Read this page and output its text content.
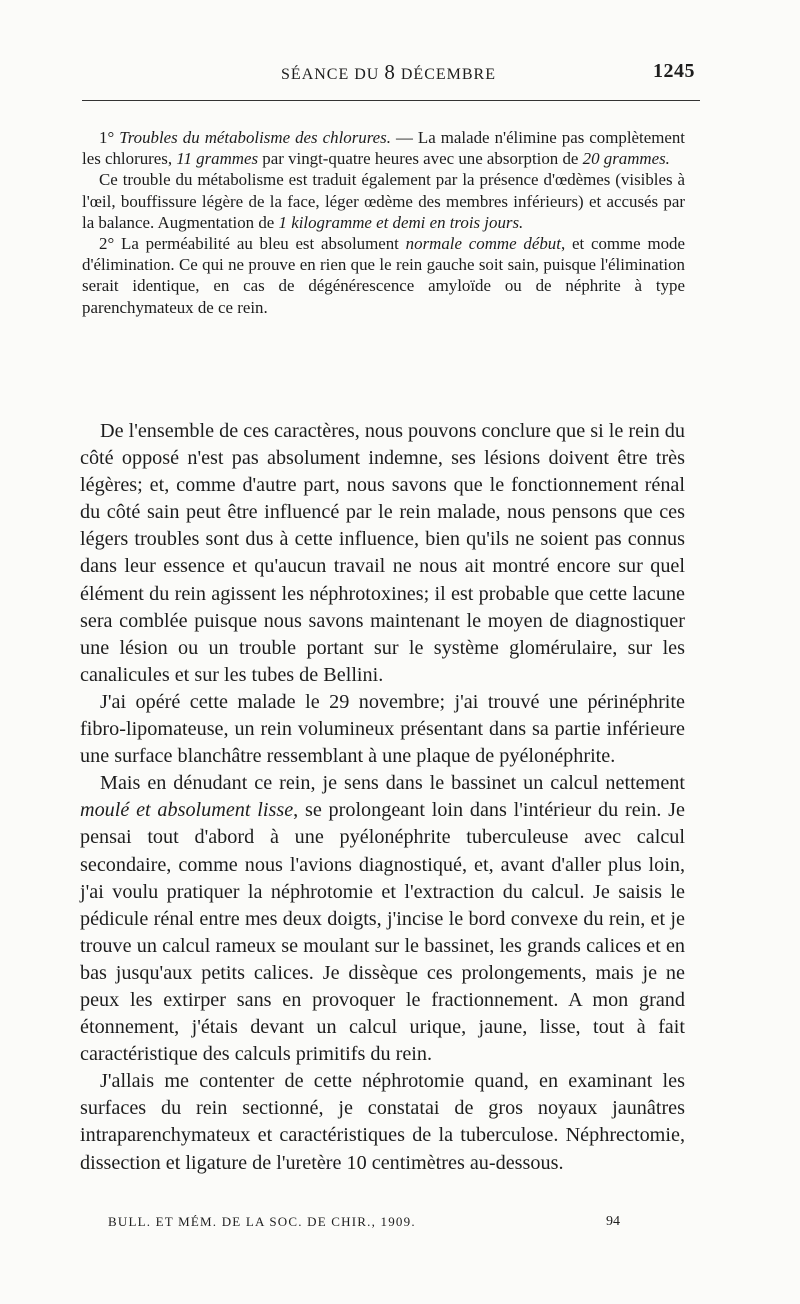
SÉANCE DU 8 DÉCEMBRE	1245

1° Troubles du métabolisme des chlorures. — La malade n'élimine pas complètement les chlorures, 11 grammes par vingt-quatre heures avec une absorption de 20 grammes.

Ce trouble du métabolisme est traduit également par la présence d'œdèmes (visibles à l'œil, bouffissure légère de la face, léger œdème des membres inférieurs) et accusés par la balance. Augmentation de 1 kilogramme et demi en trois jours.

2° La perméabilité au bleu est absolument normale comme début, et comme mode d'élimination. Ce qui ne prouve en rien que le rein gauche soit sain, puisque l'élimination serait identique, en cas de dégénérescence amyloïde ou de néphrite à type parenchymateux de ce rein.

De l'ensemble de ces caractères, nous pouvons conclure que si le rein du côté opposé n'est pas absolument indemne, ses lésions doivent être très légères; et, comme d'autre part, nous savons que le fonctionnement rénal du côté sain peut être influencé par le rein malade, nous pensons que ces légers troubles sont dus à cette influence, bien qu'ils ne soient pas connus dans leur essence et qu'aucun travail ne nous ait montré encore sur quel élément du rein agissent les néphrotoxines; il est probable que cette lacune sera comblée puisque nous savons maintenant le moyen de diagnostiquer une lésion ou un trouble portant sur le système glomérulaire, sur les canalicules et sur les tubes de Bellini.

J'ai opéré cette malade le 29 novembre; j'ai trouvé une périnéphrite fibro-lipomateuse, un rein volumineux présentant dans sa partie inférieure une surface blanchâtre ressemblant à une plaque de pyélonéphrite.

Mais en dénudant ce rein, je sens dans le bassinet un calcul nettement moulé et absolument lisse, se prolongeant loin dans l'intérieur du rein. Je pensai tout d'abord à une pyélonéphrite tuberculeuse avec calcul secondaire, comme nous l'avions diagnostiqué, et, avant d'aller plus loin, j'ai voulu pratiquer la néphrotomie et l'extraction du calcul. Je saisis le pédicule rénal entre mes deux doigts, j'incise le bord convexe du rein, et je trouve un calcul rameux se moulant sur le bassinet, les grands calices et en bas jusqu'aux petits calices. Je dissèque ces prolongements, mais je ne peux les extirper sans en provoquer le fractionnement. A mon grand étonnement, j'étais devant un calcul urique, jaune, lisse, tout à fait caractéristique des calculs primitifs du rein.

J'allais me contenter de cette néphrotomie quand, en examinant les surfaces du rein sectionné, je constatai de gros noyaux jaunâtres intraparenchymateux et caractéristiques de la tuberculose. Néphrectomie, dissection et ligature de l'uretère 10 centimètres au-dessous.

BULL. ET MÉM. DE LA SOC. DE CHIR., 1909.	94
